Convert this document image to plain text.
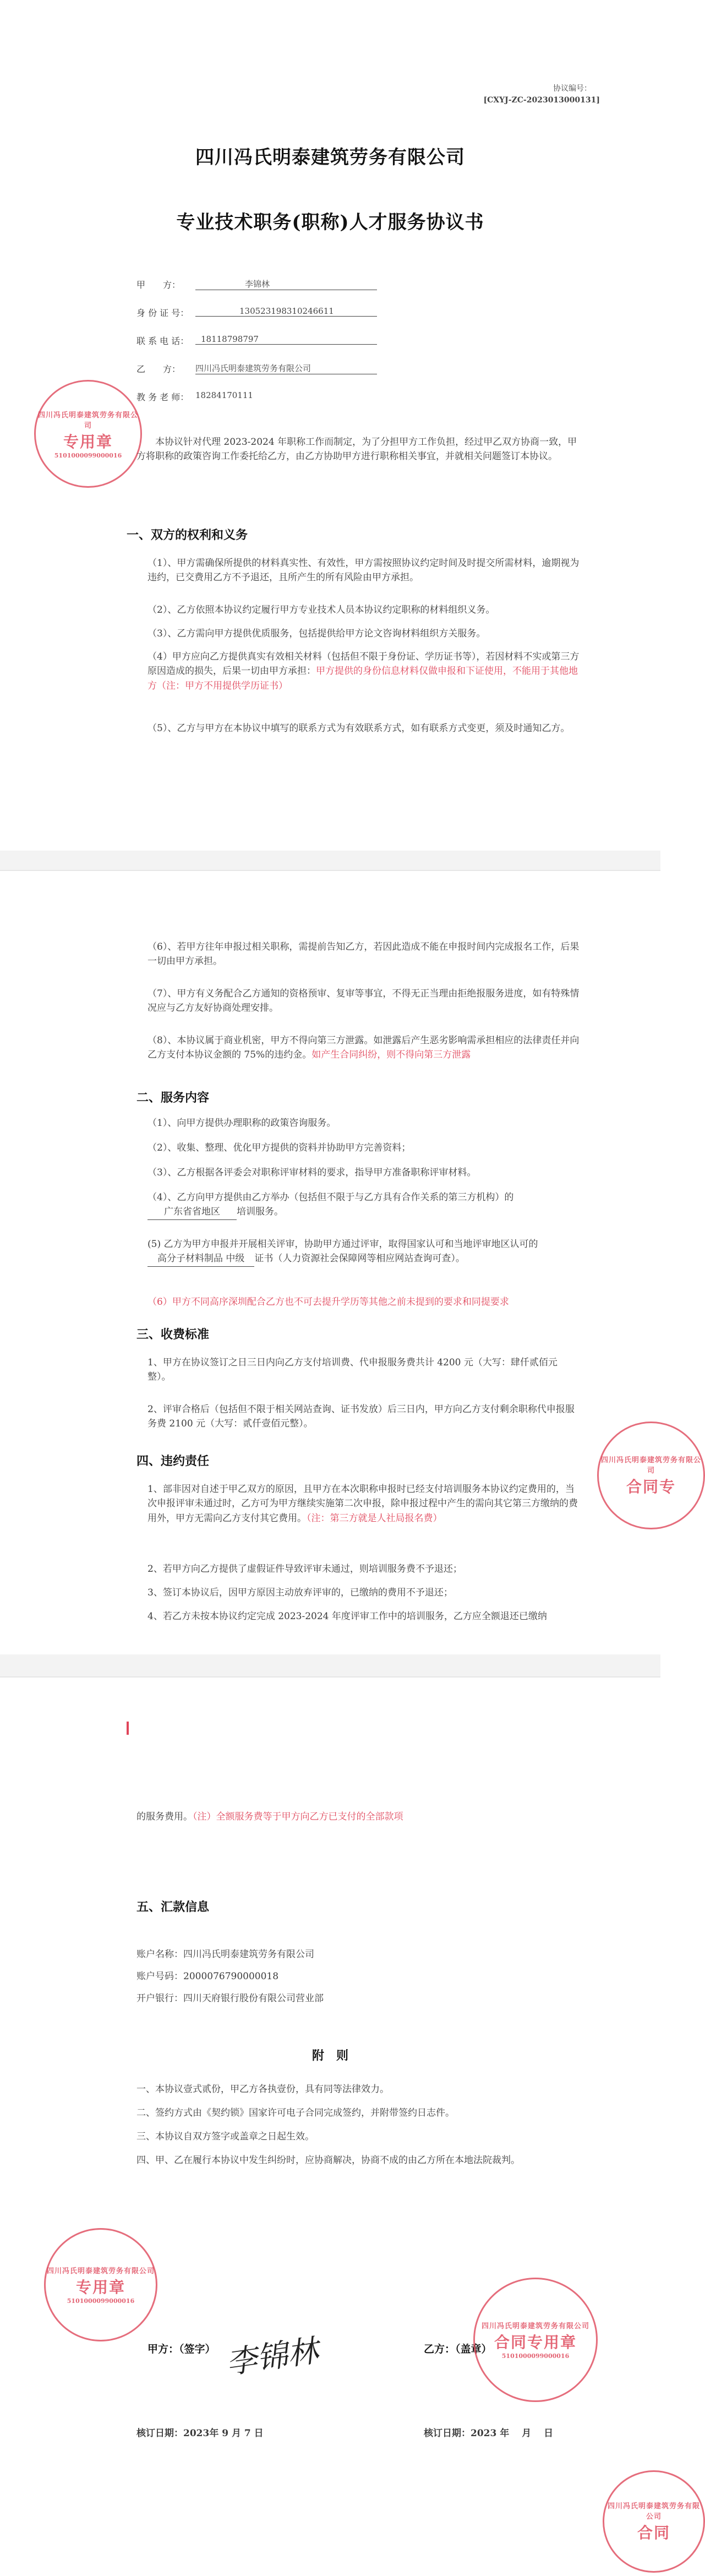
协议编号：
[CXYJ-ZC-2023013000131]
四川冯氏明泰建筑劳务有限公司
专业技术职务(职称)人才服务协议书
甲　　方：	李锦林
身 份 证 号：	130523198310246611
联 系 电 话：	18118798797
乙　　方： 四川冯氏明泰建筑劳务有限公司
教 务 老 师： 18284170111
四川冯氏明泰建筑劳务有限公司
专用章
5101000099000016
本协议针对代理 2023-2024 年职称工作而制定，为了分担甲方工作负担，经过甲乙双方协商一致，甲方将职称的政策咨询工作委托给乙方，由乙方协助甲方进行职称相关事宜，并就相关问题签订本协议。
一、双方的权利和义务
（1）、甲方需确保所提供的材料真实性、有效性，甲方需按照协议约定时间及时提交所需材料，逾期视为违约，已交费用乙方不予退还，且所产生的所有风险由甲方承担。
（2）、乙方依照本协议约定履行甲方专业技术人员本协议约定职称的材料组织义务。
（3）、乙方需向甲方提供优质服务，包括提供给甲方论文咨询材料组织方关服务。
（4）甲方应向乙方提供真实有效相关材料（包括但不限于身份证、学历证书等），若因材料不实或第三方原因造成的损失，后果一切由甲方承担：甲方提供的身份信息材料仅做申报和下证使用，不能用于其他地方（注：甲方不用提供学历证书）
（5）、乙方与甲方在本协议中填写的联系方式为有效联系方式，如有联系方式变更，须及时通知乙方。
（6）、若甲方往年申报过相关职称，需提前告知乙方，若因此造成不能在申报时间内完成报名工作，后果一切由甲方承担。
（7）、甲方有义务配合乙方通知的资格预审、复审等事宜，不得无正当理由拒绝报服务进度，如有特殊情况应与乙方友好协商处理安排。
（8）、本协议属于商业机密，甲方不得向第三方泄露。如泄露后产生恶劣影响需承担相应的法律责任并向乙方支付本协议金额的 75%的违约金。如产生合同纠纷，则不得向第三方泄露
二、服务内容
（1）、向甲方提供办理职称的政策咨询服务。
（2）、收集、整理、优化甲方提供的资料并协助甲方完善资料；
（3）、乙方根据各评委会对职称评审材料的要求，指导甲方准备职称评审材料。
（4）、乙方向甲方提供由乙方举办（包括但不限于与乙方具有合作关系的第三方机构）的广东省省地区 培训服务。
(5) 乙方为甲方申报并开展相关评审，协助甲方通过评审，取得国家认可和当地评审地区认可的高分子材料制品 中级 证书（人力资源社会保障网等相应网站查询可查）。
（6）甲方不同高序深圳配合乙方也不可去提升学历等其他之前未提到的要求和同提要求
三、收费标准
1、甲方在协议签订之日三日内向乙方支付培训费、代申报服务费共计 4200 元（大写：肆仟贰佰元整）。
2、评审合格后（包括但不限于相关网站查询、证书发放）后三日内，甲方向乙方支付剩余职称代申报服务费 2100 元（大写：贰仟壹佰元整）。
四、违约责任
1、部非因对自述于甲乙双方的原因，且甲方在本次职称申报时已经支付培训服务本协议约定费用的，当次申报评审未通过时，乙方可为甲方继续实施第二次申报，除申报过程中产生的需向其它第三方缴纳的费用外，甲方无需向乙方支付其它费用。（注：第三方就是人社局报名费）
2、若甲方向乙方提供了虚假证件导致评审未通过，则培训服务费不予退还；
3、签订本协议后，因甲方原因主动放弃评审的，已缴纳的费用不予退还；
4、若乙方未按本协议约定完成 2023-2024 年度评审工作中的培训服务，乙方应全额退还已缴纳
四川冯氏明泰建筑劳务有限公司
合同专
的服务费用。（注）全额服务费等于甲方向乙方已支付的全部款项
五、汇款信息
账户名称：四川冯氏明泰建筑劳务有限公司
账户号码：2000076790000018
开户银行：四川天府银行股份有限公司营业部
附　则
一、本协议壹式贰份，甲乙方各执壹份，具有同等法律效力。
二、签约方式由《契约锁》国家许可电子合同完成签约，并附带签约日志件。
三、本协议自双方签字或盖章之日起生效。
四、甲、乙在履行本协议中发生纠纷时，应协商解决，协商不成的由乙方所在本地法院裁判。
四川冯氏明泰建筑劳务有限公司
专用章
5101000099000016
甲方：（签字） 李锦林	乙方：（盖章）
四川冯氏明泰建筑劳务有限公司
合同专用章
5101000099000016
核订日期：2023年 9 月 7 日	核订日期：2023 年 　月 　日
四川冯氏明泰建筑劳务有限公司
合同
